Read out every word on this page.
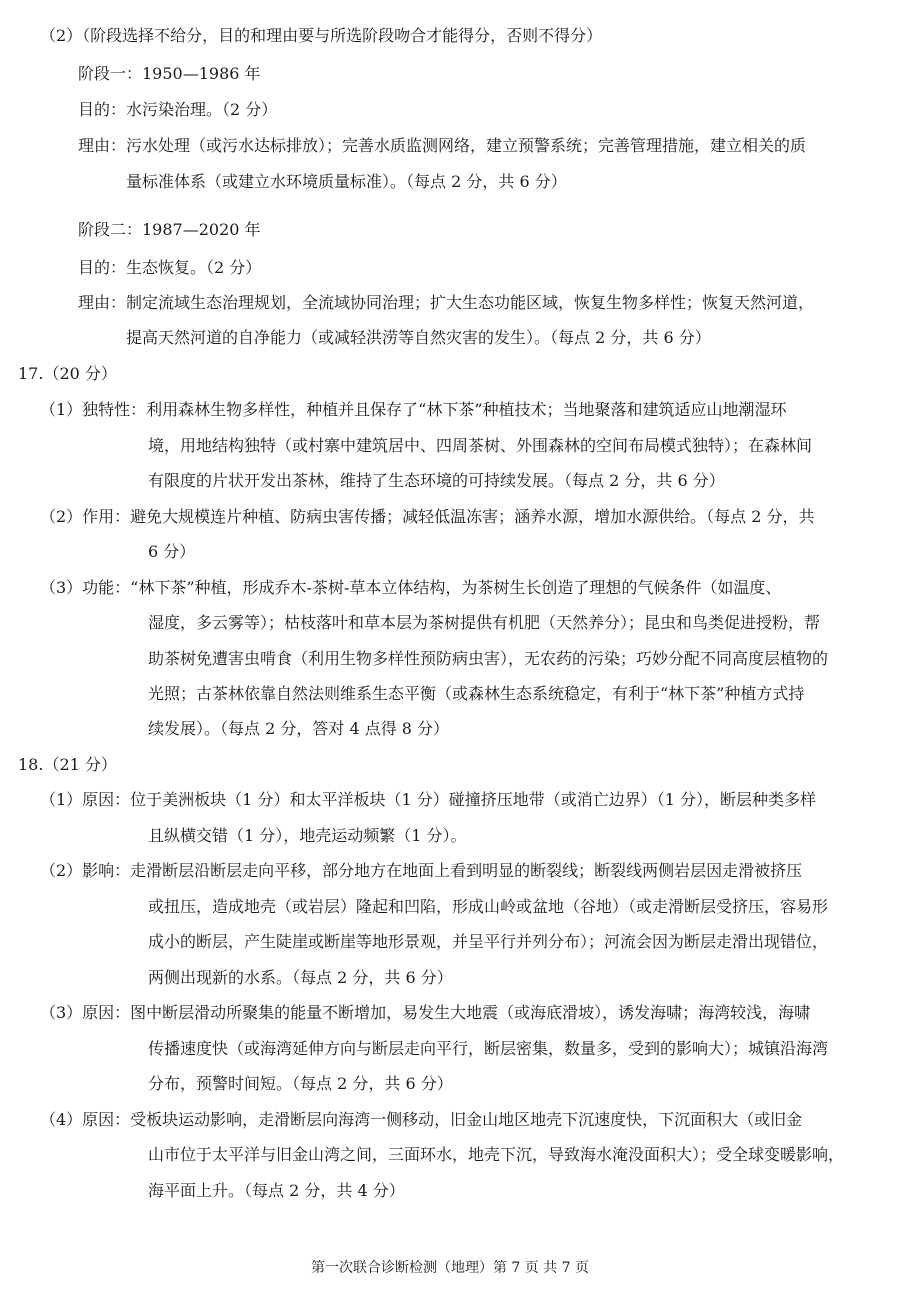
（2）（阶段选择不给分，目的和理由要与所选阶段吻合才能得分，否则不得分）
阶段一：1950—1986 年
目的：水污染治理。（2 分）
理由：污水处理（或污水达标排放）；完善水质监测网络，建立预警系统；完善管理措施，建立相关的质
量标准体系（或建立水环境质量标准）。（每点 2 分，共 6 分）
阶段二：1987—2020 年
目的：生态恢复。（2 分）
理由：制定流域生态治理规划，全流域协同治理；扩大生态功能区域，恢复生物多样性；恢复天然河道，
提高天然河道的自净能力（或减轻洪涝等自然灾害的发生）。（每点 2 分，共 6 分）
17.（20 分）
（1）独特性：利用森林生物多样性，种植并且保存了“林下茶”种植技术；当地聚落和建筑适应山地潮湿环
境，用地结构独特（或村寨中建筑居中、四周茶树、外围森林的空间布局模式独特）；在森林间
有限度的片状开发出茶林，维持了生态环境的可持续发展。（每点 2 分，共 6 分）
（2）作用：避免大规模连片种植、防病虫害传播；减轻低温冻害；涵养水源，增加水源供给。（每点 2 分，共
6 分）
（3）功能：“林下茶”种植，形成乔木-茶树-草本立体结构，为茶树生长创造了理想的气候条件（如温度、
湿度，多云雾等）；枯枝落叶和草本层为茶树提供有机肥（天然养分）；昆虫和鸟类促进授粉，帮
助茶树免遭害虫啃食（利用生物多样性预防病虫害），无农药的污染；巧妙分配不同高度层植物的
光照；古茶林依靠自然法则维系生态平衡（或森林生态系统稳定，有利于“林下茶”种植方式持
续发展）。（每点 2 分，答对 4 点得 8 分）
18.（21 分）
（1）原因：位于美洲板块（1 分）和太平洋板块（1 分）碰撞挤压地带（或消亡边界）（1 分），断层种类多样
且纵横交错（1 分），地壳运动频繁（1 分）。
（2）影响：走滑断层沿断层走向平移，部分地方在地面上看到明显的断裂线；断裂线两侧岩层因走滑被挤压
或扭压，造成地壳（或岩层）隆起和凹陷，形成山岭或盆地（谷地）（或走滑断层受挤压，容易形
成小的断层，产生陡崖或断崖等地形景观，并呈平行并列分布）；河流会因为断层走滑出现错位，
两侧出现新的水系。（每点 2 分，共 6 分）
（3）原因：图中断层滑动所聚集的能量不断增加，易发生大地震（或海底滑坡），诱发海啸；海湾较浅，海啸
传播速度快（或海湾延伸方向与断层走向平行，断层密集，数量多，受到的影响大）；城镇沿海湾
分布，预警时间短。（每点 2 分，共 6 分）
（4）原因：受板块运动影响，走滑断层向海湾一侧移动，旧金山地区地壳下沉速度快，下沉面积大（或旧金
山市位于太平洋与旧金山湾之间，三面环水，地壳下沉，导致海水淹没面积大）；受全球变暖影响，
海平面上升。（每点 2 分，共 4 分）
第一次联合诊断检测（地理）第 7 页 共 7 页
